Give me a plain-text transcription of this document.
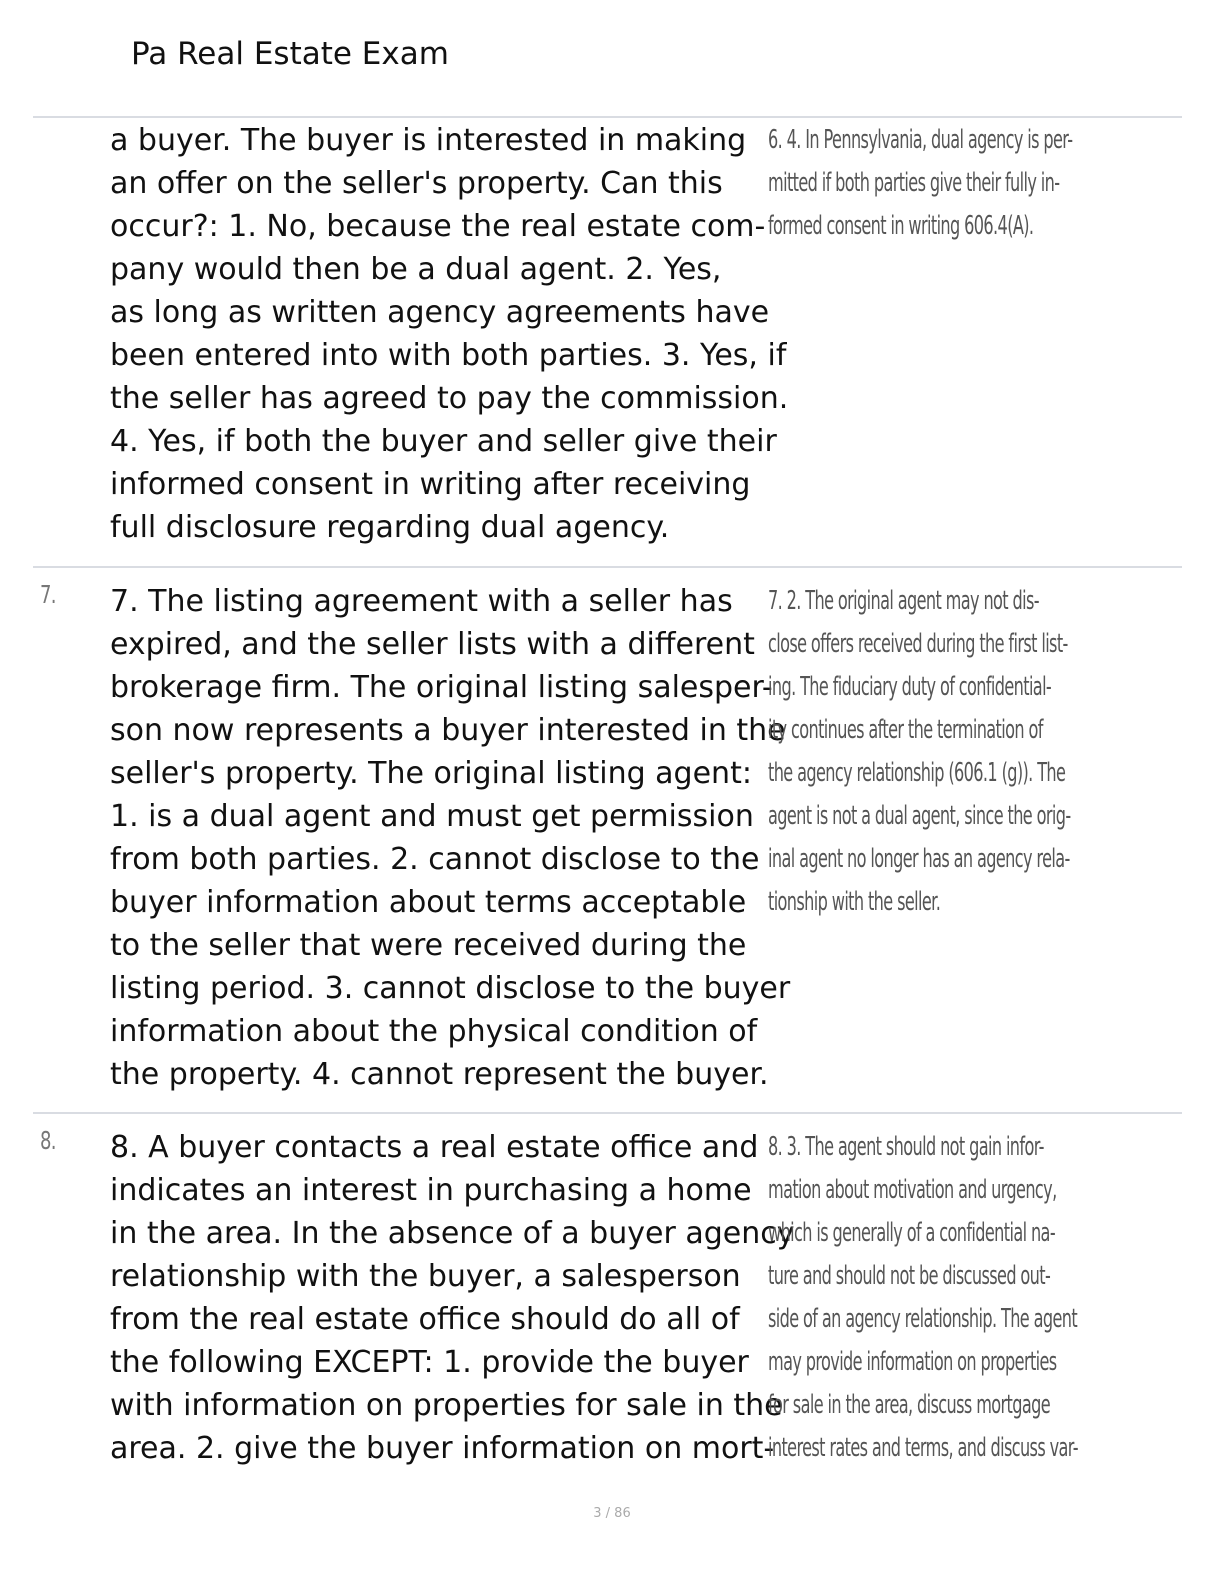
Pa Real Estate Exam
a buyer. The buyer is interested in making
an offer on the seller's property. Can this
occur?: 1. No, because the real estate com-
pany would then be a dual agent. 2. Yes,
as long as written agency agreements have
been entered into with both parties. 3. Yes, if
the seller has agreed to pay the commission.
4. Yes, if both the buyer and seller give their
informed consent in writing after receiving
full disclosure regarding dual agency.
6. 4. In Pennsylvania, dual agency is per-
mitted if both parties give their fully in-
formed consent in writing 606.4(A).
7. 7. The listing agreement with a seller has
expired, and the seller lists with a different
brokerage firm. The original listing salesper-
son now represents a buyer interested in the
seller's property. The original listing agent:
1. is a dual agent and must get permission
from both parties. 2. cannot disclose to the
buyer information about terms acceptable
to the seller that were received during the
listing period. 3. cannot disclose to the buyer
information about the physical condition of
the property. 4. cannot represent the buyer.
7. 2. The original agent may not dis-
close offers received during the first list-
ing. The fiduciary duty of confidential-
ity continues after the termination of
the agency relationship (606.1 (g)). The
agent is not a dual agent, since the orig-
inal agent no longer has an agency rela-
tionship with the seller.
8. 8. A buyer contacts a real estate office and
indicates an interest in purchasing a home
in the area. In the absence of a buyer agency
relationship with the buyer, a salesperson
from the real estate office should do all of
the following EXCEPT: 1. provide the buyer
with information on properties for sale in the
area. 2. give the buyer information on mort-
8. 3. The agent should not gain infor-
mation about motivation and urgency,
which is generally of a confidential na-
ture and should not be discussed out-
side of an agency relationship. The agent
may provide information on properties
for sale in the area, discuss mortgage
interest rates and terms, and discuss var-
3 / 86
